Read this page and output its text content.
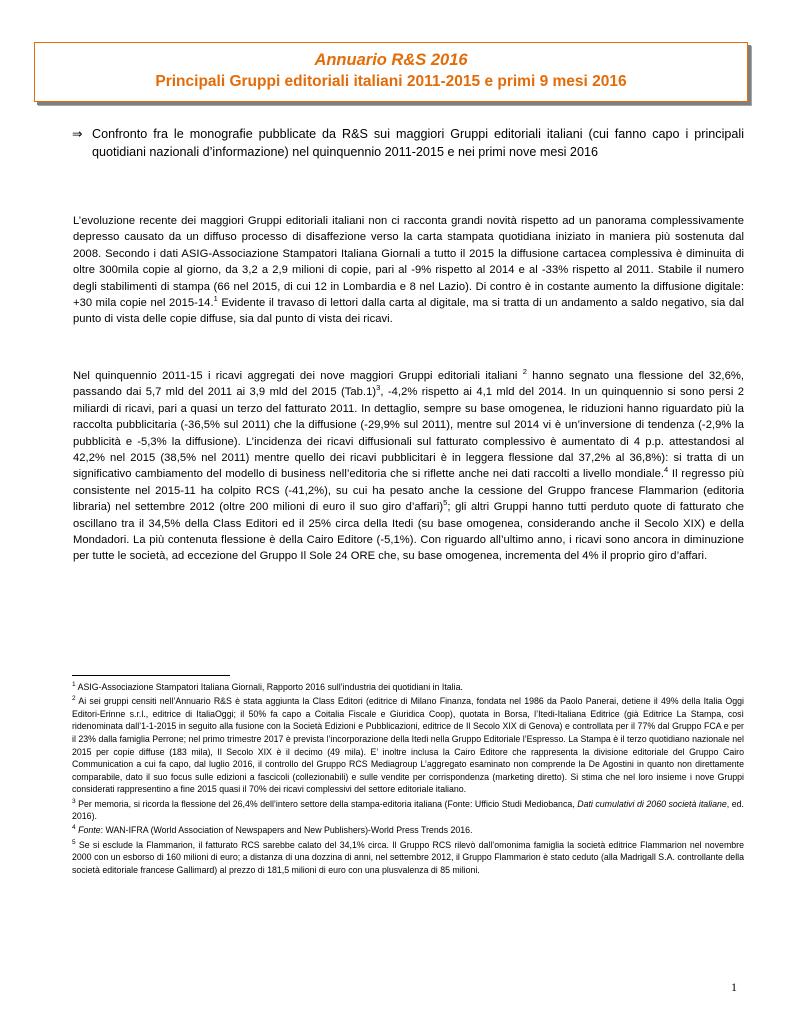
Annuario R&S 2016
Principali Gruppi editoriali italiani 2011-2015 e primi 9 mesi 2016
⇒ Confronto fra le monografie pubblicate da R&S sui maggiori Gruppi editoriali italiani (cui fanno capo i principali quotidiani nazionali d’informazione) nel quinquennio 2011-2015 e nei primi nove mesi 2016
L’evoluzione recente dei maggiori Gruppi editoriali italiani non ci racconta grandi novità rispetto ad un panorama complessivamente depresso causato da un diffuso processo di disaffezione verso la carta stampata quotidiana iniziato in maniera più sostenuta dal 2008. Secondo i dati ASIG-Associazione Stampatori Italiana Giornali a tutto il 2015 la diffusione cartacea complessiva è diminuita di oltre 300mila copie al giorno, da 3,2 a 2,9 milioni di copie, pari al -9% rispetto al 2014 e al -33% rispetto al 2011. Stabile il numero degli stabilimenti di stampa (66 nel 2015, di cui 12 in Lombardia e 8 nel Lazio). Di contro è in costante aumento la diffusione digitale: +30 mila copie nel 2015-14.$^1$ Evidente il travaso di lettori dalla carta al digitale, ma si tratta di un andamento a saldo negativo, sia dal punto di vista delle copie diffuse, sia dal punto di vista dei ricavi.
Nel quinquennio 2011-15 i ricavi aggregati dei nove maggiori Gruppi editoriali italiani $^2$ hanno segnato una flessione del 32,6%, passando dai 5,7 mld del 2011 ai 3,9 mld del 2015 $(Tab.1)^3$, -4,2% rispetto ai 4,1 mld del 2014. In un quinquennio si sono persi 2 miliardi di ricavi, pari a quasi un terzo del fatturato 2011. In dettaglio, sempre su base omogenea, le riduzioni hanno riguardato più la raccolta pubblicitaria (-36,5% sul 2011) che la diffusione (-29,9% sul 2011), mentre sul 2014 vi è un’inversione di tendenza (-2,9% la pubblicità e -5,3% la diffusione). L’incidenza dei ricavi diffusionali sul fatturato complessivo è aumentato di 4 p.p. attestandosi al 42,2% nel 2015 (38,5% nel 2011) mentre quello dei ricavi pubblicitari è in leggera flessione dal 37,2% al 36,8%): si tratta di un significativo cambiamento del modello di business nell’editoria che si riflette anche nei dati raccolti a livello mondiale.$^4$ Il regresso più consistente nel 2015-11 ha colpito RCS (-41,2%), su cui ha pesato anche la cessione del Gruppo francese Flammarion (editoria libraria) nel settembre 2012 (oltre 200 milioni di euro il suo giro d’affari)$^5$; gli altri Gruppi hanno tutti perduto quote di fatturato che oscillano tra il 34,5% della Class Editori ed il 25% circa della Itedi (su base omogenea, considerando anche il Secolo XIX) e della Mondadori. La più contenuta flessione è della Cairo Editore (-5,1%). Con riguardo all’ultimo anno, i ricavi sono ancora in diminuzione per tutte le società, ad eccezione del Gruppo Il Sole 24 ORE che, su base omogenea, incrementa del 4% il proprio giro d’affari.
$^1$ ASIG-Associazione Stampatori Italiana Giornali, Rapporto 2016 sull’industria dei quotidiani in Italia.
$^2$ Ai sei gruppi censiti nell’Annuario R&S è stata aggiunta la Class Editori (editrice di Milano Finanza, fondata nel 1986 da Paolo Panerai, detiene il 49% della Italia Oggi Editori-Erinne s.r.l., editrice di ItaliaOggi; il 50% fa capo a Coitalia Fiscale e Giuridica Coop), quotata in Borsa, l’Itedi-Italiana Editrice (già Editrice La Stampa, così ridenominata dall’1-1-2015 in seguito alla fusione con la Società Edizioni e Pubblicazioni, editrice de Il Secolo XIX di Genova) e controllata per il 77% dal Gruppo FCA e per il 23% dalla famiglia Perrone; nel primo trimestre 2017 è prevista l’incorporazione della Itedi nella Gruppo Editoriale l’Espresso. La Stampa è il terzo quotidiano nazionale nel 2015 per copie diffuse (183 mila), Il Secolo XIX è il decimo (49 mila). E’ inoltre inclusa la Cairo Editore che rappresenta la divisione editoriale del Gruppo Cairo Communication a cui fa capo, dal luglio 2016, il controllo del Gruppo RCS Mediagroup L’aggregato esaminato non comprende la De Agostini in quanto non direttamente comparabile, dato il suo focus sulle edizioni a fascicoli (collezionabili) e sulle vendite per corrispondenza (marketing diretto). Si stima che nel loro insieme i nove Gruppi considerati rappresentino a fine 2015 quasi il 70% dei ricavi complessivi del settore editoriale italiano.
$^3$ Per memoria, si ricorda la flessione del 26,4% dell’intero settore della stampa-editoria italiana (Fonte: Ufficio Studi Mediobanca, Dati cumulativi di 2060 società italiane, ed. 2016).
$^4$ Fonte: WAN-IFRA (World Association of Newspapers and New Publishers)-World Press Trends 2016.
$^5$ Se si esclude la Flammarion, il fatturato RCS sarebbe calato del 34,1% circa. Il Gruppo RCS rilevò dall’omonima famiglia la società editrice Flammarion nel novembre 2000 con un esborso di 160 milioni di euro; a distanza di una dozzina di anni, nel settembre 2012, il Gruppo Flammarion è stato ceduto (alla Madrigall S.A. controllante della società editoriale francese Gallimard) al prezzo di 181,5 milioni di euro con una plusvalenza di 85 milioni.
1
